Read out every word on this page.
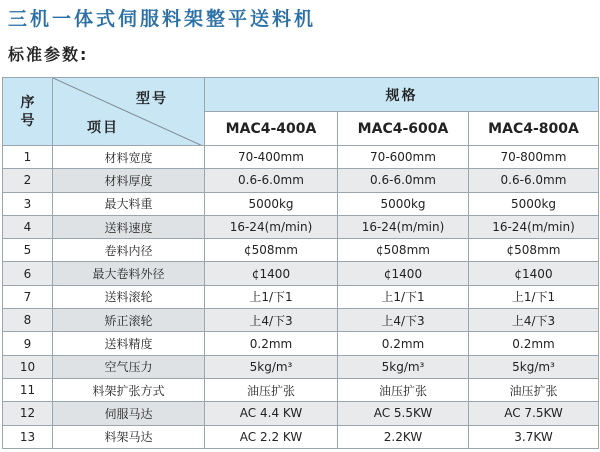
三机一体式伺服料架整平送料机
标准参数:
序号	型号
项目	规格		
		MAC4-400A	MAC4-600A	MAC4-800A
1	材料宽度	70-400mm	70-600mm	70-800mm
2	材料厚度	0.6-6.0mm	0.6-6.0mm	0.6-6.0mm
3	最大料重	5000kg	5000kg	5000kg
4	送料速度	16-24(m/min)	16-24(m/min)	16-24(m/min)
5	卷料内径	¢508mm	¢508mm	¢508mm
6	最大卷料外径	¢1400	¢1400	¢1400
7	送料滚轮	上1/下1	上1/下1	上1/下1
8	矫正滚轮	上4/下3	上4/下3	上4/下3
9	送料精度	0.2mm	0.2mm	0.2mm
10	空气压力	5kg/m³	5kg/m³	5kg/m³
11	料架扩张方式	油压扩张	油压扩张	油压扩张
12	伺服马达	AC 4.4 KW	AC 5.5KW	AC 7.5KW
13	料架马达	AC 2.2 KW	2.2KW	3.7KW
